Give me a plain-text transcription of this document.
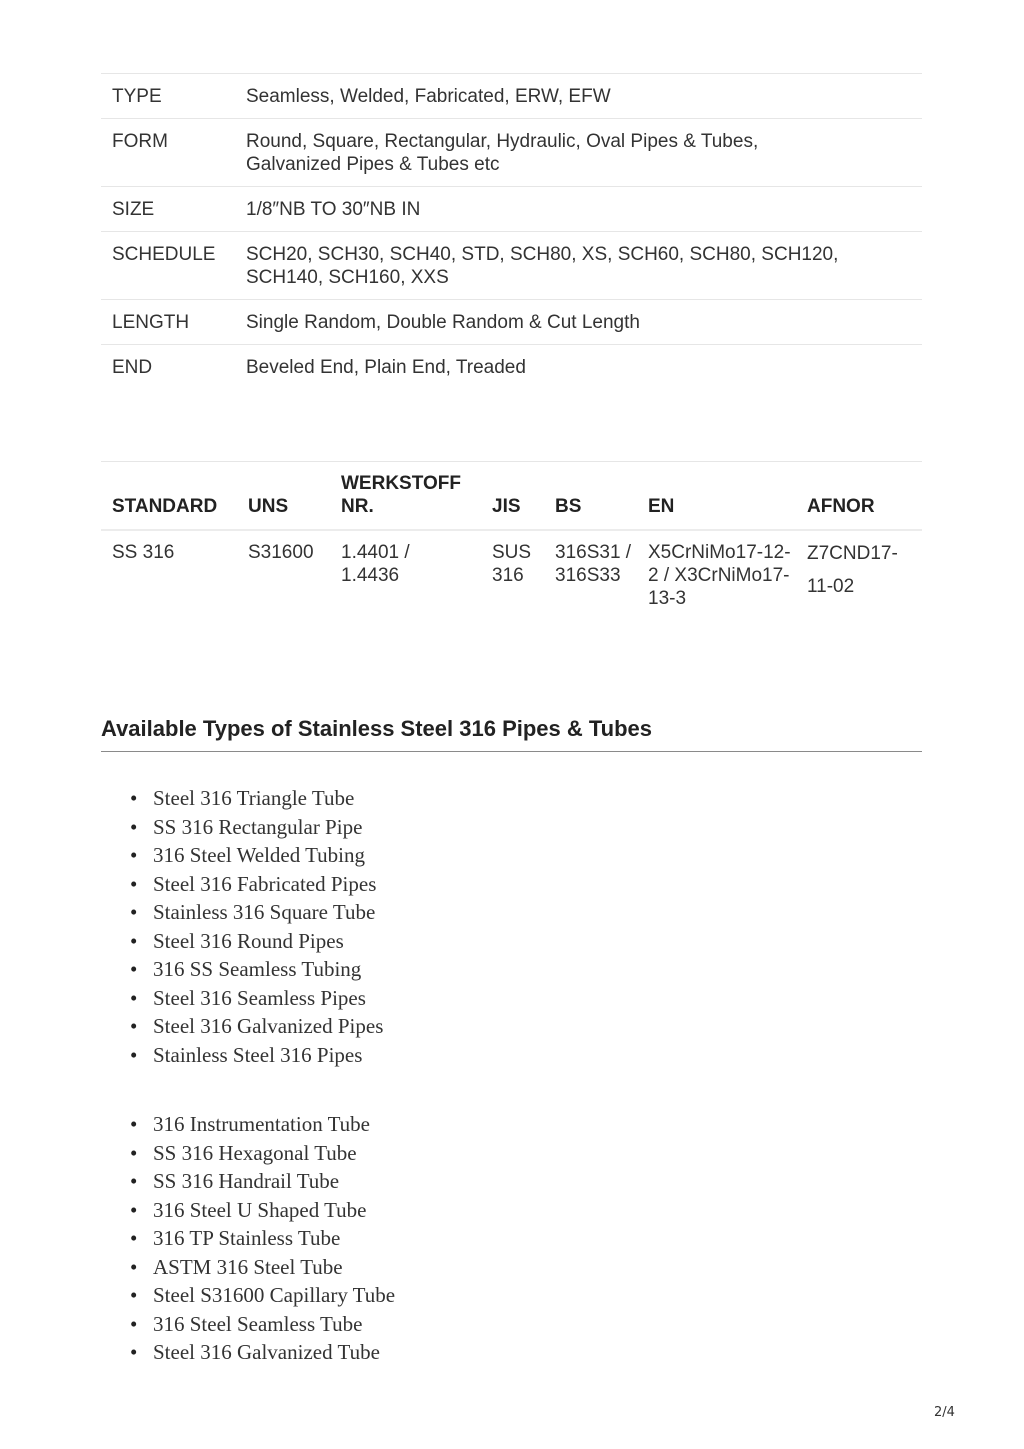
TYPE	Seamless, Welded, Fabricated, ERW, EFW
FORM	Round, Square, Rectangular, Hydraulic, Oval Pipes & Tubes, Galvanized Pipes & Tubes etc
SIZE	1/8″NB TO 30″NB IN
SCHEDULE	SCH20, SCH30, SCH40, STD, SCH80, XS, SCH60, SCH80, SCH120, SCH140, SCH160, XXS
LENGTH	Single Random, Double Random & Cut Length
END	Beveled End, Plain End, Treaded
STANDARD	UNS	WERKSTOFF NR.	JIS	BS	EN	AFNOR
SS 316	S31600	1.4401 / 1.4436	SUS 316	316S31 / 316S33	X5CrNiMo17-12-2 / X3CrNiMo17-13-3	Z7CND17-11-02
Available Types of Stainless Steel 316 Pipes & Tubes
• Steel 316 Triangle Tube
• SS 316 Rectangular Pipe
• 316 Steel Welded Tubing
• Steel 316 Fabricated Pipes
• Stainless 316 Square Tube
• Steel 316 Round Pipes
• 316 SS Seamless Tubing
• Steel 316 Seamless Pipes
• Steel 316 Galvanized Pipes
• Stainless Steel 316 Pipes
• 316 Instrumentation Tube
• SS 316 Hexagonal Tube
• SS 316 Handrail Tube
• 316 Steel U Shaped Tube
• 316 TP Stainless Tube
• ASTM 316 Steel Tube
• Steel S31600 Capillary Tube
• 316 Steel Seamless Tube
• Steel 316 Galvanized Tube
2/4
